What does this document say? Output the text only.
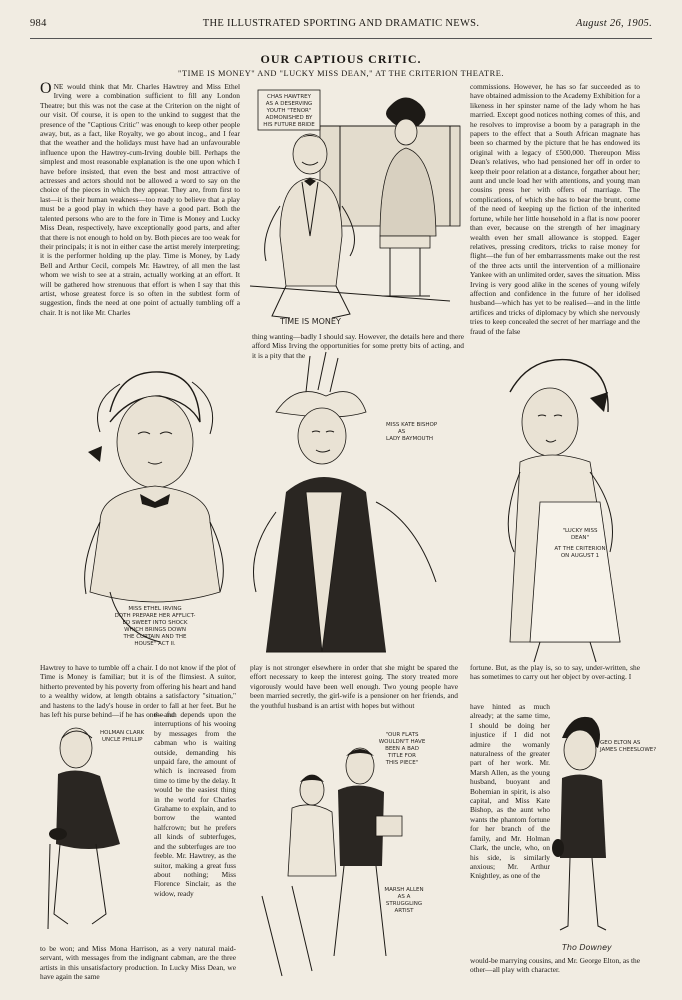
984	THE ILLUSTRATED SPORTING AND DRAMATIC NEWS.	August 26, 1905.
OUR CAPTIOUS CRITIC.
"TIME IS MONEY" AND "LUCKY MISS DEAN," AT THE CRITERION THEATRE.

ONE would think that Mr. Charles Hawtrey and Miss Ethel Irving were a combination sufficient to fill any London Theatre; but this was not the case at the Criterion on the night of our visit. Of course, it is open to the unkind to suggest that the presence of the "Captious Critic" was enough to keep other people away, but, as a fact, like Royalty, we go about incog., and I fear that the weather and the holidays must have had an unfavourable influence upon the Hawtrey-cum-Irving double bill. Perhaps the simplest and most reasonable explanation is the one upon which I have before insisted, that even the best and most attractive of actresses and actors should not be allowed a word to say on the choice of the pieces in which they appear. They are, from first to last—it is their human weakness—too ready to believe that a play must be a good play in which they have a good part. Both the talented persons who are to the fore in Time is Money and Lucky Miss Dean, respectively, have exceptionally good parts, and after that there is not enough to hold on by. Both pieces are too weak for their principals; it is not in either case the artist merely interpreting; it is the performer holding up the play. Time is Money, by Lady Bell and Arthur Cecil, compels Mr. Hawtrey, of all men the last whom we wish to see at a strain, actually working at an effort. It will be gathered how strenuous that effort is when I say that this artist, whose greatest force is so often in the subtlest form of suggestion, finds the need at one point of actually tumbling off a chair. It is not like Mr. Charles

commissions. However, he has so far succeeded as to have obtained admission to the Academy Exhibition for a likeness in her spinster name of the lady whom he has married. Except good notices nothing comes of this, and he resolves to improvise a boom by a paragraph in the papers to the effect that a South African magnate has been so charmed by the picture that he has endowed its original with a legacy of £500,000. Thereupon Miss Dean's relatives, who had pensioned her off in order to keep their poor relation at a distance, forgather about her; aunt and uncle load her with attentions, and young man cousins press her with offers of marriage. The complications, of which she has to bear the brunt, come of the need of keeping up the fiction of the inherited fortune, while her little household in a flat is now poorer than ever, because on the strength of her imaginary wealth even her small allowance is stopped. Eager relatives, pressing creditors, tricks to raise money for flight—the fun of her embarrassments make out the rest of the three acts until the intervention of a millionaire Yankee with an unlimited order, saves the situation. Miss Irving is very good alike in the scenes of young wifely affection and confidence in the future of her idolised husband—which has yet to be realised—and in the little artifices and tricks of diplomacy by which she nervously tries to keep concealed the secret of her marriage and the fraud of the false

thing wanting—badly I should say. However, the details here and there afford Miss Irving the opportunities for some pretty bits of acting, and it is a pity that the

CHAS HAWTREY
AS A DESERVING
YOUTH "TENOR"
ADMONISHED BY
HIS FUTURE BRIDE
TIME IS MONEY
MISS ETHEL IRVING
DOTH PREPARE HER AFFLICT-
ED SWEET INTO SHOCK
WHICH BRINGS DOWN
THE CURTAIN AND THE
HOUSE" ACT II.
MISS KATE BISHOP
AS
LADY BAYMOUTH
"LUCKY MISS
DEAN"
AT THE CRITERION
ON AUGUST 1

Hawtrey to have to tumble off a chair. I do not know if the plot of Time is Money is familiar; but it is of the flimsiest. A suitor, hitherto prevented by his poverty from offering his heart and hand to a wealthy widow, at length obtains a satisfactory "situation," and hastens to the lady's house in order to fall at her feet. But he has left his purse behind—if he has one—and

the fun depends upon the interruptions of his wooing by messages from the cabman who is waiting outside, demanding his unpaid fare, the amount of which is increased from time to time by the delay. It would be the easiest thing in the world for Charles Grahame to explain, and to borrow the wanted halfcrown; but he prefers all kinds of subterfuges, and the subterfuges are too feeble. Mr. Hawtrey, as the suitor, making a great fuss about nothing; Miss Florence Sinclair, as the widow, ready

to be won; and Miss Mona Harrison, as a very natural maid-servant, with messages from the indignant cabman, are the three artists in this unsatisfactory production. In Lucky Miss Dean, we have again the same

play is not stronger elsewhere in order that she might be spared the effort necessary to keep the interest going. The story treated more vigorously would have been well enough. Two young people have been married secretly, the girl-wife is a pensioner on her friends, and the youthful husband is an artist with hopes but without

fortune. But, as the play is, so to say, under-written, she has sometimes to carry out her object by over-acting. I

have hinted as much already; at the same time, I should be doing her injustice if I did not admire the womanly naturalness of the greater part of her work. Mr. Marsh Allen, as the young husband, buoyant and Bohemian in spirit, is also capital, and Miss Kate Bishop, as the aunt who wants the phantom fortune for her branch of the family, and Mr. Holman Clark, the uncle, who, on his side, is similarly anxious; Mr. Arthur Knightley, as one of the

would-be marrying cousins, and Mr. George Elton, as the other—all play with character.

HOLMAN CLARK
UNCLE PHILLIP
"OUR FLATS
WOULDN'T HAVE
BEEN A BAD
TITLE FOR
THIS PIECE"
MARSH ALLEN
AS A
STRUGGLING
ARTIST
GEO ELTON AS
JAMES CHEESLOWE?
Tho Downey
